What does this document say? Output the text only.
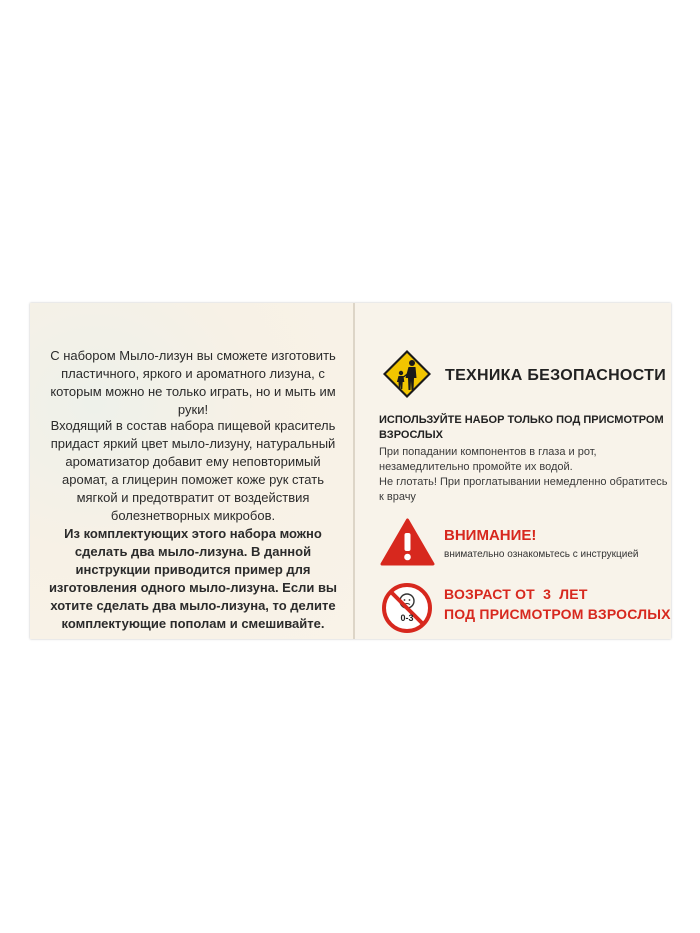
С набором Мыло-лизун вы сможете изготовить пластичного, яркого и ароматного лизуна, с которым можно не только играть, но и мыть им руки!

Входящий в состав набора пищевой краситель придаст яркий цвет мыло-лизуну, натуральный ароматизатор добавит ему неповторимый аромат, а глицерин поможет коже рук стать мягкой и предотвратит от воздействия болезнетворных микробов.

Из комплектующих этого набора можно сделать два мыло-лизуна. В данной инструкции приводится пример для изготовления одного мыло-лизуна. Если вы хотите сделать два мыло-лизуна, то делите комплектующие пополам и смешивайте.

ТЕХНИКА БЕЗОПАСНОСТИ
ИСПОЛЬЗУЙТЕ НАБОР ТОЛЬКО ПОД ПРИСМОТРОМ ВЗРОСЛЫХ
При попадании компонентов в глаза и рот, незамедлительно промойте их водой.
Не глотать! При проглатывании немедленно обратитесь к врачу
ВНИМАНИЕ!
внимательно ознакомьтесь с инструкцией
0-3
ВОЗРАСТ ОТ  3  ЛЕТ
ПОД ПРИСМОТРОМ ВЗРОСЛЫХ
